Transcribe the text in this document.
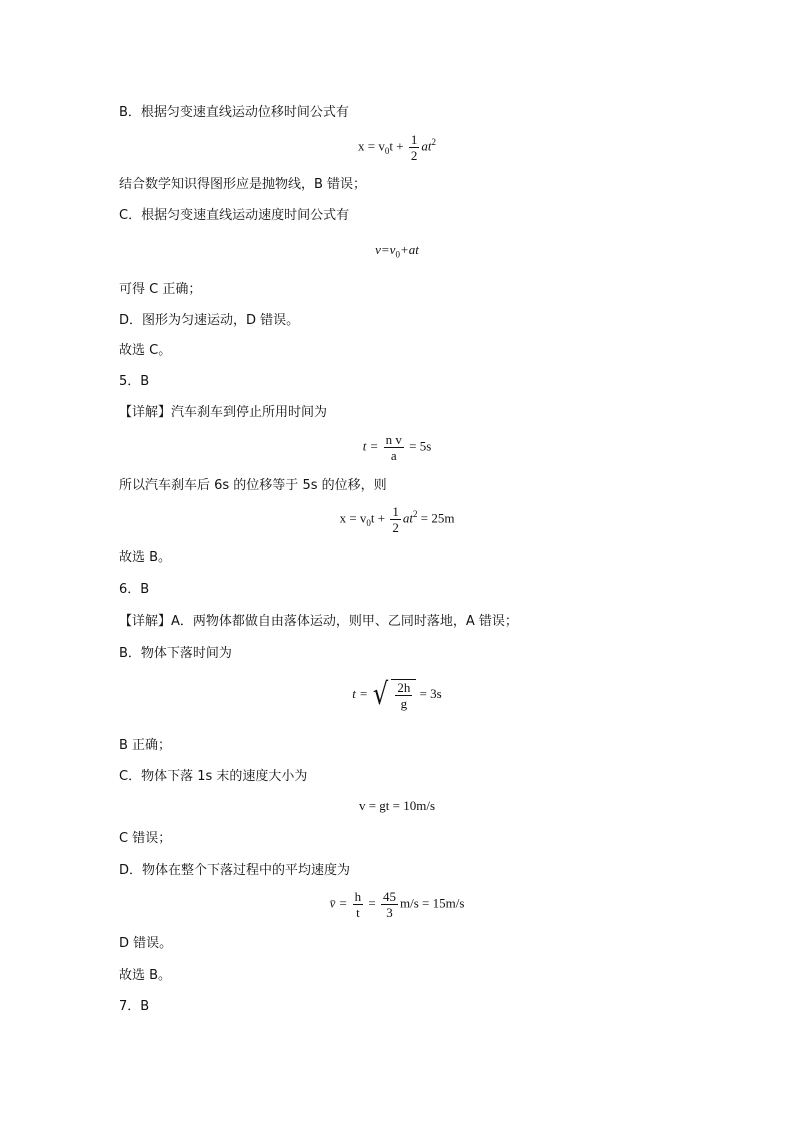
B．根据匀变速直线运动位移时间公式有
$x = v_0t + \frac{1}{2} at^2$
结合数学知识得图形应是抛物线，B 错误；
C．根据匀变速直线运动速度时间公式有
$v=v_0+at$
可得 C 正确；
D．图形为匀速运动，D 错误。
故选 C。
5．B
【详解】汽车刹车到停止所用时间为
$t = \frac{\text{n v}}{a} = 5s$
所以汽车刹车后 6s 的位移等于 5s 的位移，则
$x = v_0t + \frac{1}{2} at^2 = 25m$
故选 B。
6．B
【详解】A．两物体都做自由落体运动，则甲、乙同时落地，A 错误；
B．物体下落时间为
t = √ $\frac{2h}{g} = 3s$
B 正确；
C．物体下落 1s 末的速度大小为
v = gt = 10m/s
C 错误；
D．物体在整个下落过程中的平均速度为
v̄ = $\frac{h}{t} = \frac{45}{3} m/s = 15m/s$
D 错误。
故选 B。
7．B
